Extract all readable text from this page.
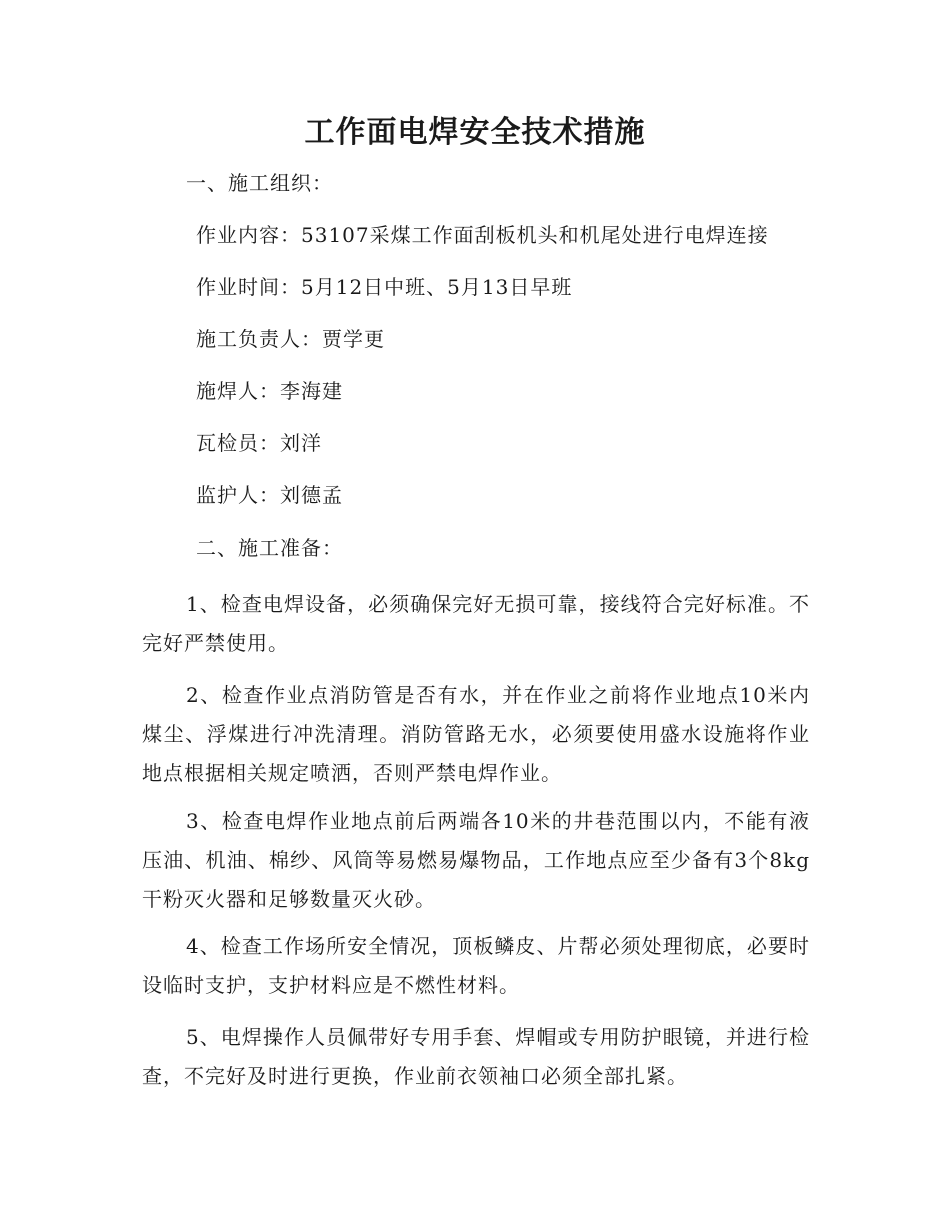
工作面电焊安全技术措施

一、施工组织：

作业内容：53107采煤工作面刮板机头和机尾处进行电焊连接

作业时间：5月12日中班、5月13日早班

施工负责人：贾学更

施焊人：李海建

瓦检员：刘洋

监护人：刘德孟

二、施工准备：

1、检查电焊设备，必须确保完好无损可靠，接线符合完好标准。不完好严禁使用。

2、检查作业点消防管是否有水，并在作业之前将作业地点10米内煤尘、浮煤进行冲洗清理。消防管路无水，必须要使用盛水设施将作业地点根据相关规定喷洒，否则严禁电焊作业。

3、检查电焊作业地点前后两端各10米的井巷范围以内，不能有液压油、机油、棉纱、风筒等易燃易爆物品，工作地点应至少备有3个8kg干粉灭火器和足够数量灭火砂。

4、检查工作场所安全情况，顶板鳞皮、片帮必须处理彻底，必要时设临时支护，支护材料应是不燃性材料。

5、电焊操作人员佩带好专用手套、焊帽或专用防护眼镜，并进行检查，不完好及时进行更换，作业前衣领袖口必须全部扎紧。
